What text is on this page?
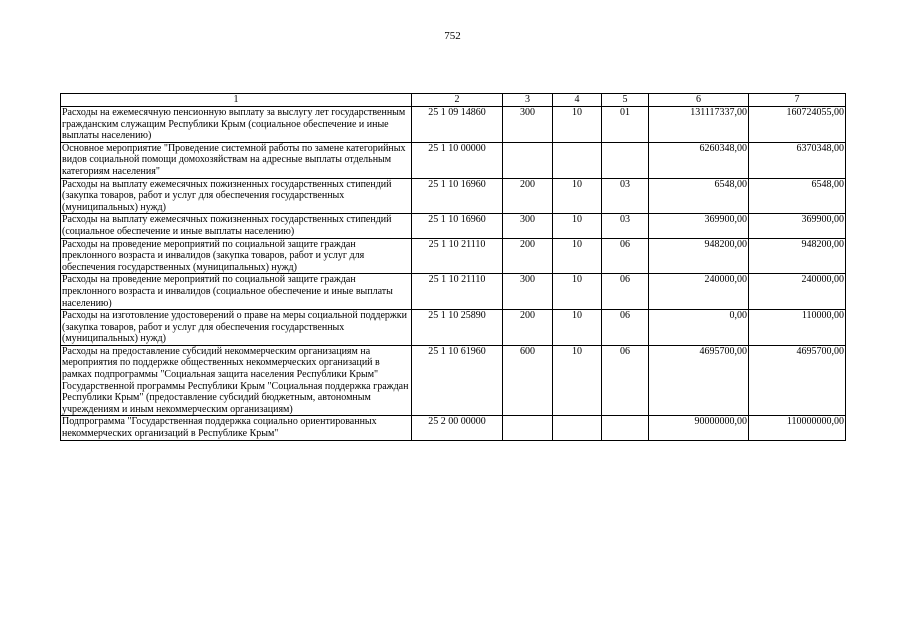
752
1	2	3	4	5	6	7
Расходы на ежемесячную пенсионную выплату за выслугу лет государственным гражданским служащим Республики Крым (социальное обеспечение и иные выплаты населению)	25 1 09 14860	300	10	01	131117337,00	160724055,00
Основное мероприятие "Проведение системной работы по замене категорийных видов социальной помощи домохозяйствам на адресные выплаты отдельным категориям населения"	25 1 10 00000				6260348,00	6370348,00
Расходы на выплату ежемесячных пожизненных государственных стипендий (закупка товаров, работ и услуг для обеспечения государственных (муниципальных) нужд)	25 1 10 16960	200	10	03	6548,00	6548,00
Расходы на выплату ежемесячных пожизненных государственных стипендий (социальное обеспечение и иные выплаты населению)	25 1 10 16960	300	10	03	369900,00	369900,00
Расходы на проведение мероприятий по социальной защите граждан преклонного возраста и инвалидов (закупка товаров, работ и услуг для обеспечения государственных (муниципальных) нужд)	25 1 10 21110	200	10	06	948200,00	948200,00
Расходы на проведение мероприятий по социальной защите граждан преклонного возраста и инвалидов (социальное обеспечение и иные выплаты населению)	25 1 10 21110	300	10	06	240000,00	240000,00
Расходы на изготовление удостоверений о праве на меры социальной поддержки (закупка товаров, работ и услуг для обеспечения государственных (муниципальных) нужд)	25 1 10 25890	200	10	06	0,00	110000,00
Расходы на предоставление субсидий некоммерческим организациям на мероприятия по поддержке общественных некоммерческих организаций в рамках подпрограммы "Социальная защита населения Республики Крым" Государственной программы Республики Крым "Социальная поддержка граждан Республики Крым" (предоставление субсидий бюджетным, автономным учреждениям и иным некоммерческим организациям)	25 1 10 61960	600	10	06	4695700,00	4695700,00
Подпрограмма "Государственная поддержка социально ориентированных некоммерческих организаций в Республике Крым"	25 2 00 00000				90000000,00	110000000,00
